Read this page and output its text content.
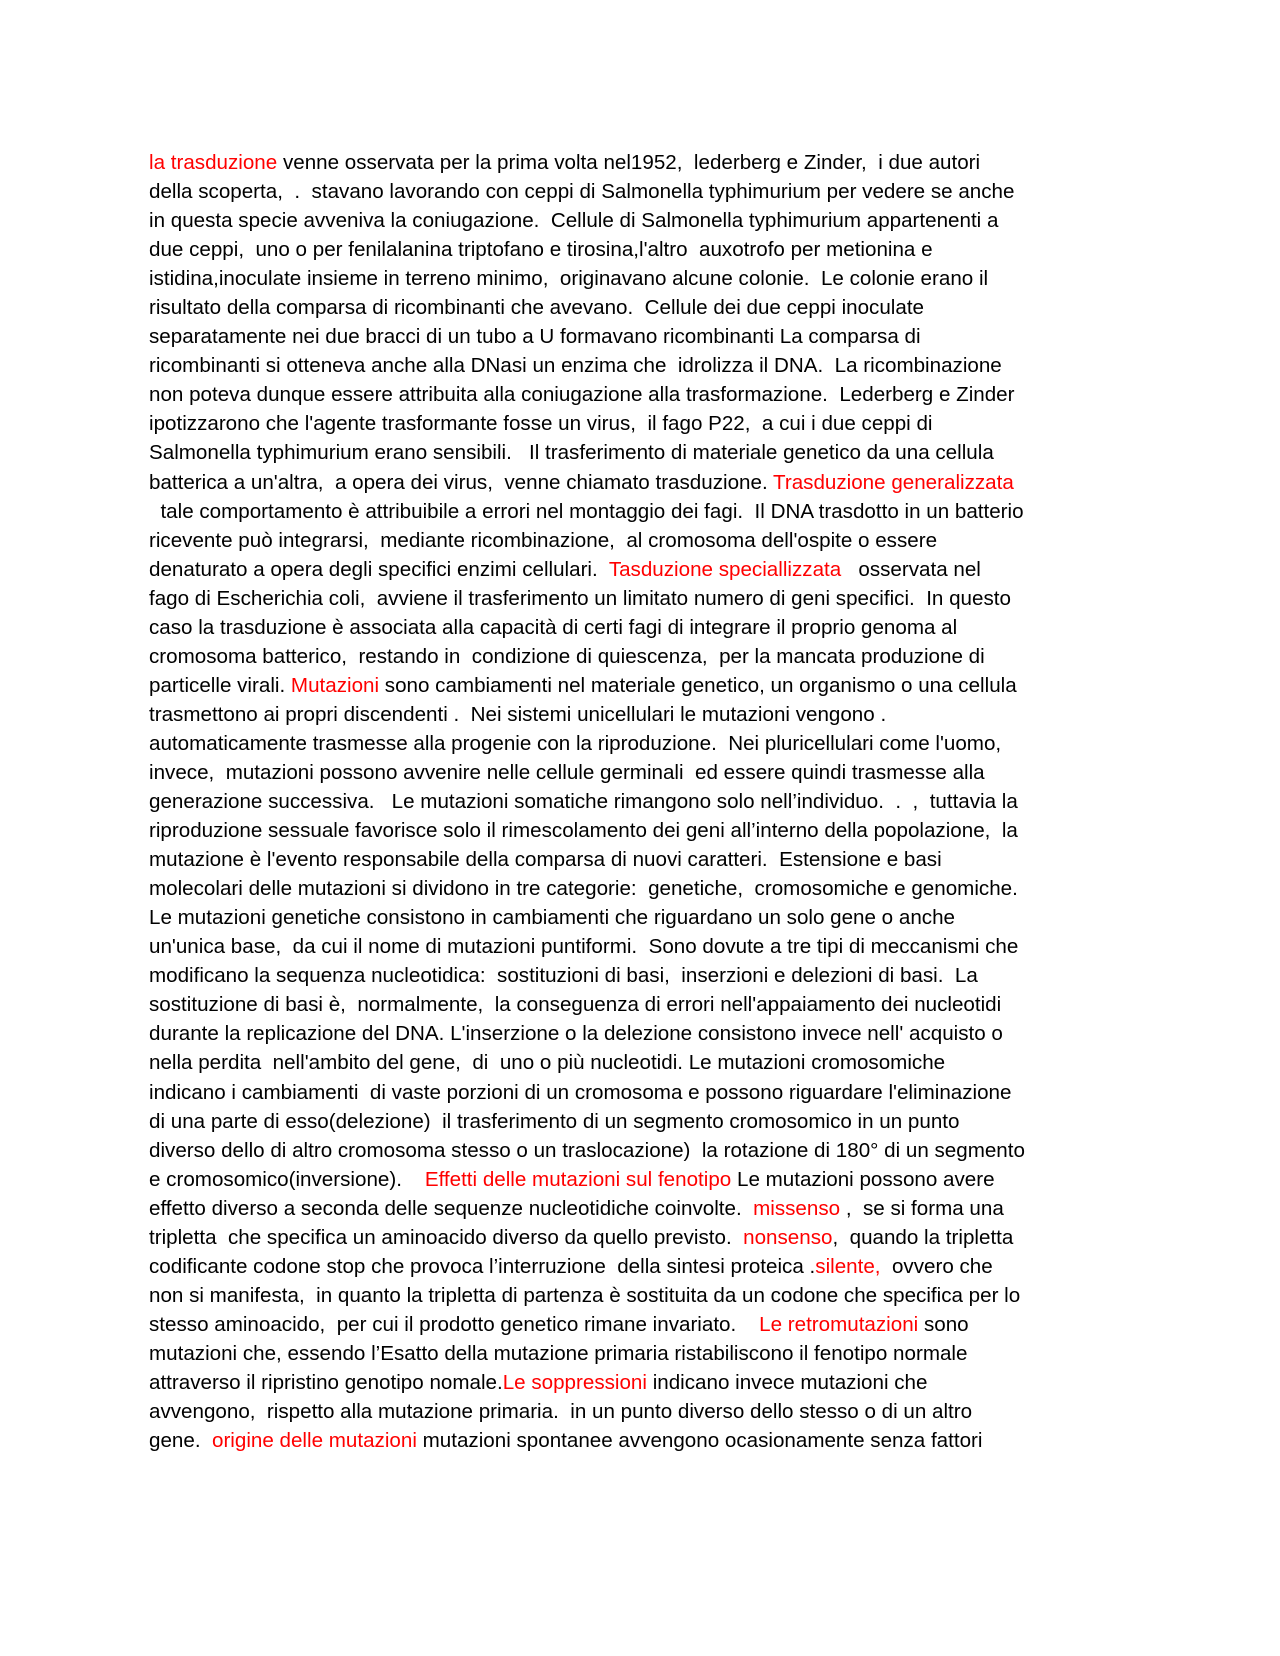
la trasduzione venne osservata per la prima volta nel1952,  lederberg e Zinder,  i due autori
della scoperta,  .  stavano lavorando con ceppi di Salmonella typhimurium per vedere se anche
in questa specie avveniva la coniugazione.  Cellule di Salmonella typhimurium appartenenti a
due ceppi,  uno o per fenilalanina triptofano e tirosina,l'altro  auxotrofo per metionina e
istidina,inoculate insieme in terreno minimo,  originavano alcune colonie.  Le colonie erano il
risultato della comparsa di ricombinanti che avevano.  Cellule dei due ceppi inoculate
separatamente nei due bracci di un tubo a U formavano ricombinanti La comparsa di
ricombinanti si otteneva anche alla DNasi un enzima che  idrolizza il DNA.  La ricombinazione
non poteva dunque essere attribuita alla coniugazione alla trasformazione.  Lederberg e Zinder
ipotizzarono che l'agente trasformante fosse un virus,  il fago P22,  a cui i due ceppi di
Salmonella typhimurium erano sensibili.   Il trasferimento di materiale genetico da una cellula
batterica a un'altra,  a opera dei virus,  venne chiamato trasduzione. Trasduzione generalizzata
tale comportamento è attribuibile a errori nel montaggio dei fagi.  Il DNA trasdotto in un batterio
ricevente può integrarsi,  mediante ricombinazione,  al cromosoma dell'ospite o essere
denaturato a opera degli specifici enzimi cellulari.  Tasduzione speciallizzata   osservata nel
fago di Escherichia coli,  avviene il trasferimento un limitato numero di geni specifici.  In questo
caso la trasduzione è associata alla capacità di certi fagi di integrare il proprio genoma al
cromosoma batterico,  restando in  condizione di quiescenza,  per la mancata produzione di
particelle virali. Mutazioni sono cambiamenti nel materiale genetico, un organismo o una cellula
trasmettono ai propri discendenti .  Nei sistemi unicellulari le mutazioni vengono .
automaticamente trasmesse alla progenie con la riproduzione.  Nei pluricellulari come l'uomo,
invece,  mutazioni possono avvenire nelle cellule germinali  ed essere quindi trasmesse alla
generazione successiva.   Le mutazioni somatiche rimangono solo nell’individuo.  .  ,  tuttavia la
riproduzione sessuale favorisce solo il rimescolamento dei geni all’interno della popolazione,  la
mutazione è l'evento responsabile della comparsa di nuovi caratteri.  Estensione e basi
molecolari delle mutazioni si dividono in tre categorie:  genetiche,  cromosomiche e genomiche.
Le mutazioni genetiche consistono in cambiamenti che riguardano un solo gene o anche
un'unica base,  da cui il nome di mutazioni puntiformi.  Sono dovute a tre tipi di meccanismi che
modificano la sequenza nucleotidica:  sostituzioni di basi,  inserzioni e delezioni di basi.  La
sostituzione di basi è,  normalmente,  la conseguenza di errori nell'appaiamento dei nucleotidi
durante la replicazione del DNA. L'inserzione o la delezione consistono invece nell' acquisto o
nella perdita  nell'ambito del gene,  di  uno o più nucleotidi. Le mutazioni cromosomiche
indicano i cambiamenti  di vaste porzioni di un cromosoma e possono riguardare l'eliminazione
di una parte di esso(delezione)  il trasferimento di un segmento cromosomico in un punto
diverso dello di altro cromosoma stesso o un traslocazione)  la rotazione di 180° di un segmento
e cromosomico(inversione).    Effetti delle mutazioni sul fenotipo Le mutazioni possono avere
effetto diverso a seconda delle sequenze nucleotidiche coinvolte.  missenso ,  se si forma una
tripletta  che specifica un aminoacido diverso da quello previsto.  nonsenso,  quando la tripletta
codificante codone stop che provoca l’interruzione  della sintesi proteica .silente,  ovvero che
non si manifesta,  in quanto la tripletta di partenza è sostituita da un codone che specifica per lo
stesso aminoacido,  per cui il prodotto genetico rimane invariato.    Le retromutazioni sono
mutazioni che, essendo l’Esatto della mutazione primaria ristabiliscono il fenotipo normale
attraverso il ripristino genotipo nomale.Le soppressioni indicano invece mutazioni che
avvengono,  rispetto alla mutazione primaria.  in un punto diverso dello stesso o di un altro
gene.  origine delle mutazioni mutazioni spontanee avvengono ocasionamente senza fattori
